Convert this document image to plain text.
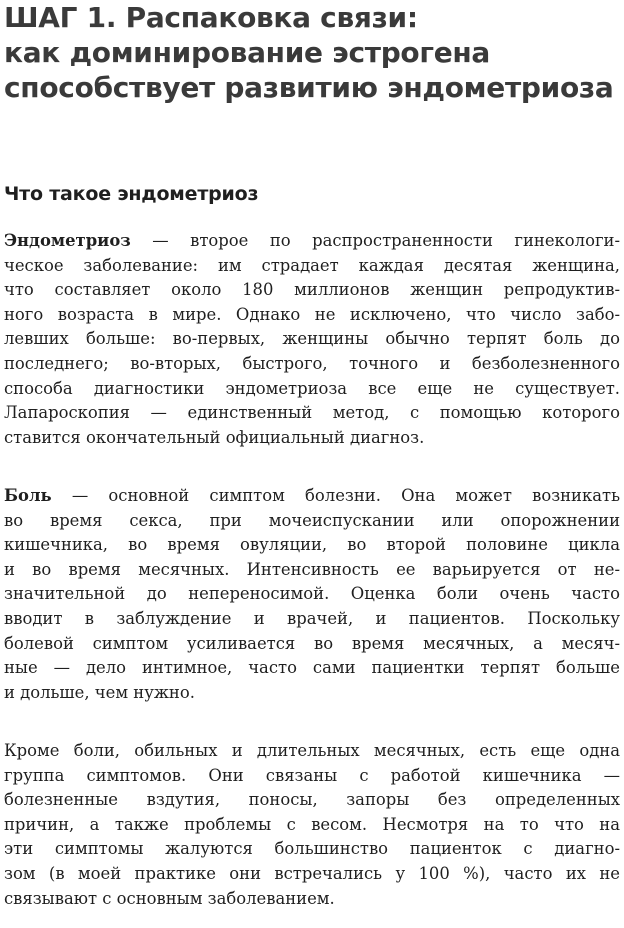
ШАГ 1. Распаковка связи:
как доминирование эстрогена
способствует развитию эндометриоза
Что такое эндометриоз

Эндометриоз — второе по распространенности гинекологи-
ческое заболевание: им страдает каждая десятая женщина,
что составляет около 180 миллионов женщин репродуктив-
ного возраста в мире. Однако не исключено, что число забо-
левших больше: во-первых, женщины обычно терпят боль до
последнего; во-вторых, быстрого, точного и безболезненного
способа диагностики эндометриоза все еще не существует.
Лапароскопия — единственный метод, с помощью которого
ставится окончательный официальный диагноз.

Боль — основной симптом болезни. Она может возникать
во время секса, при мочеиспускании или опорожнении
кишечника, во время овуляции, во второй половине цикла
и во время месячных. Интенсивность ее варьируется от не-
значительной до непереносимой. Оценка боли очень часто
вводит в заблуждение и врачей, и пациентов. Поскольку
болевой симптом усиливается во время месячных, а месяч-
ные — дело интимное, часто сами пациентки терпят больше
и дольше, чем нужно.

Кроме боли, обильных и длительных месячных, есть еще одна
группа симптомов. Они связаны с работой кишечника —
болезненные вздутия, поносы, запоры без определенных
причин, а также проблемы с весом. Несмотря на то что на
эти симптомы жалуются большинство пациенток с диагно-
зом (в моей практике они встречались у 100 %), часто их не
связывают с основным заболеванием.
